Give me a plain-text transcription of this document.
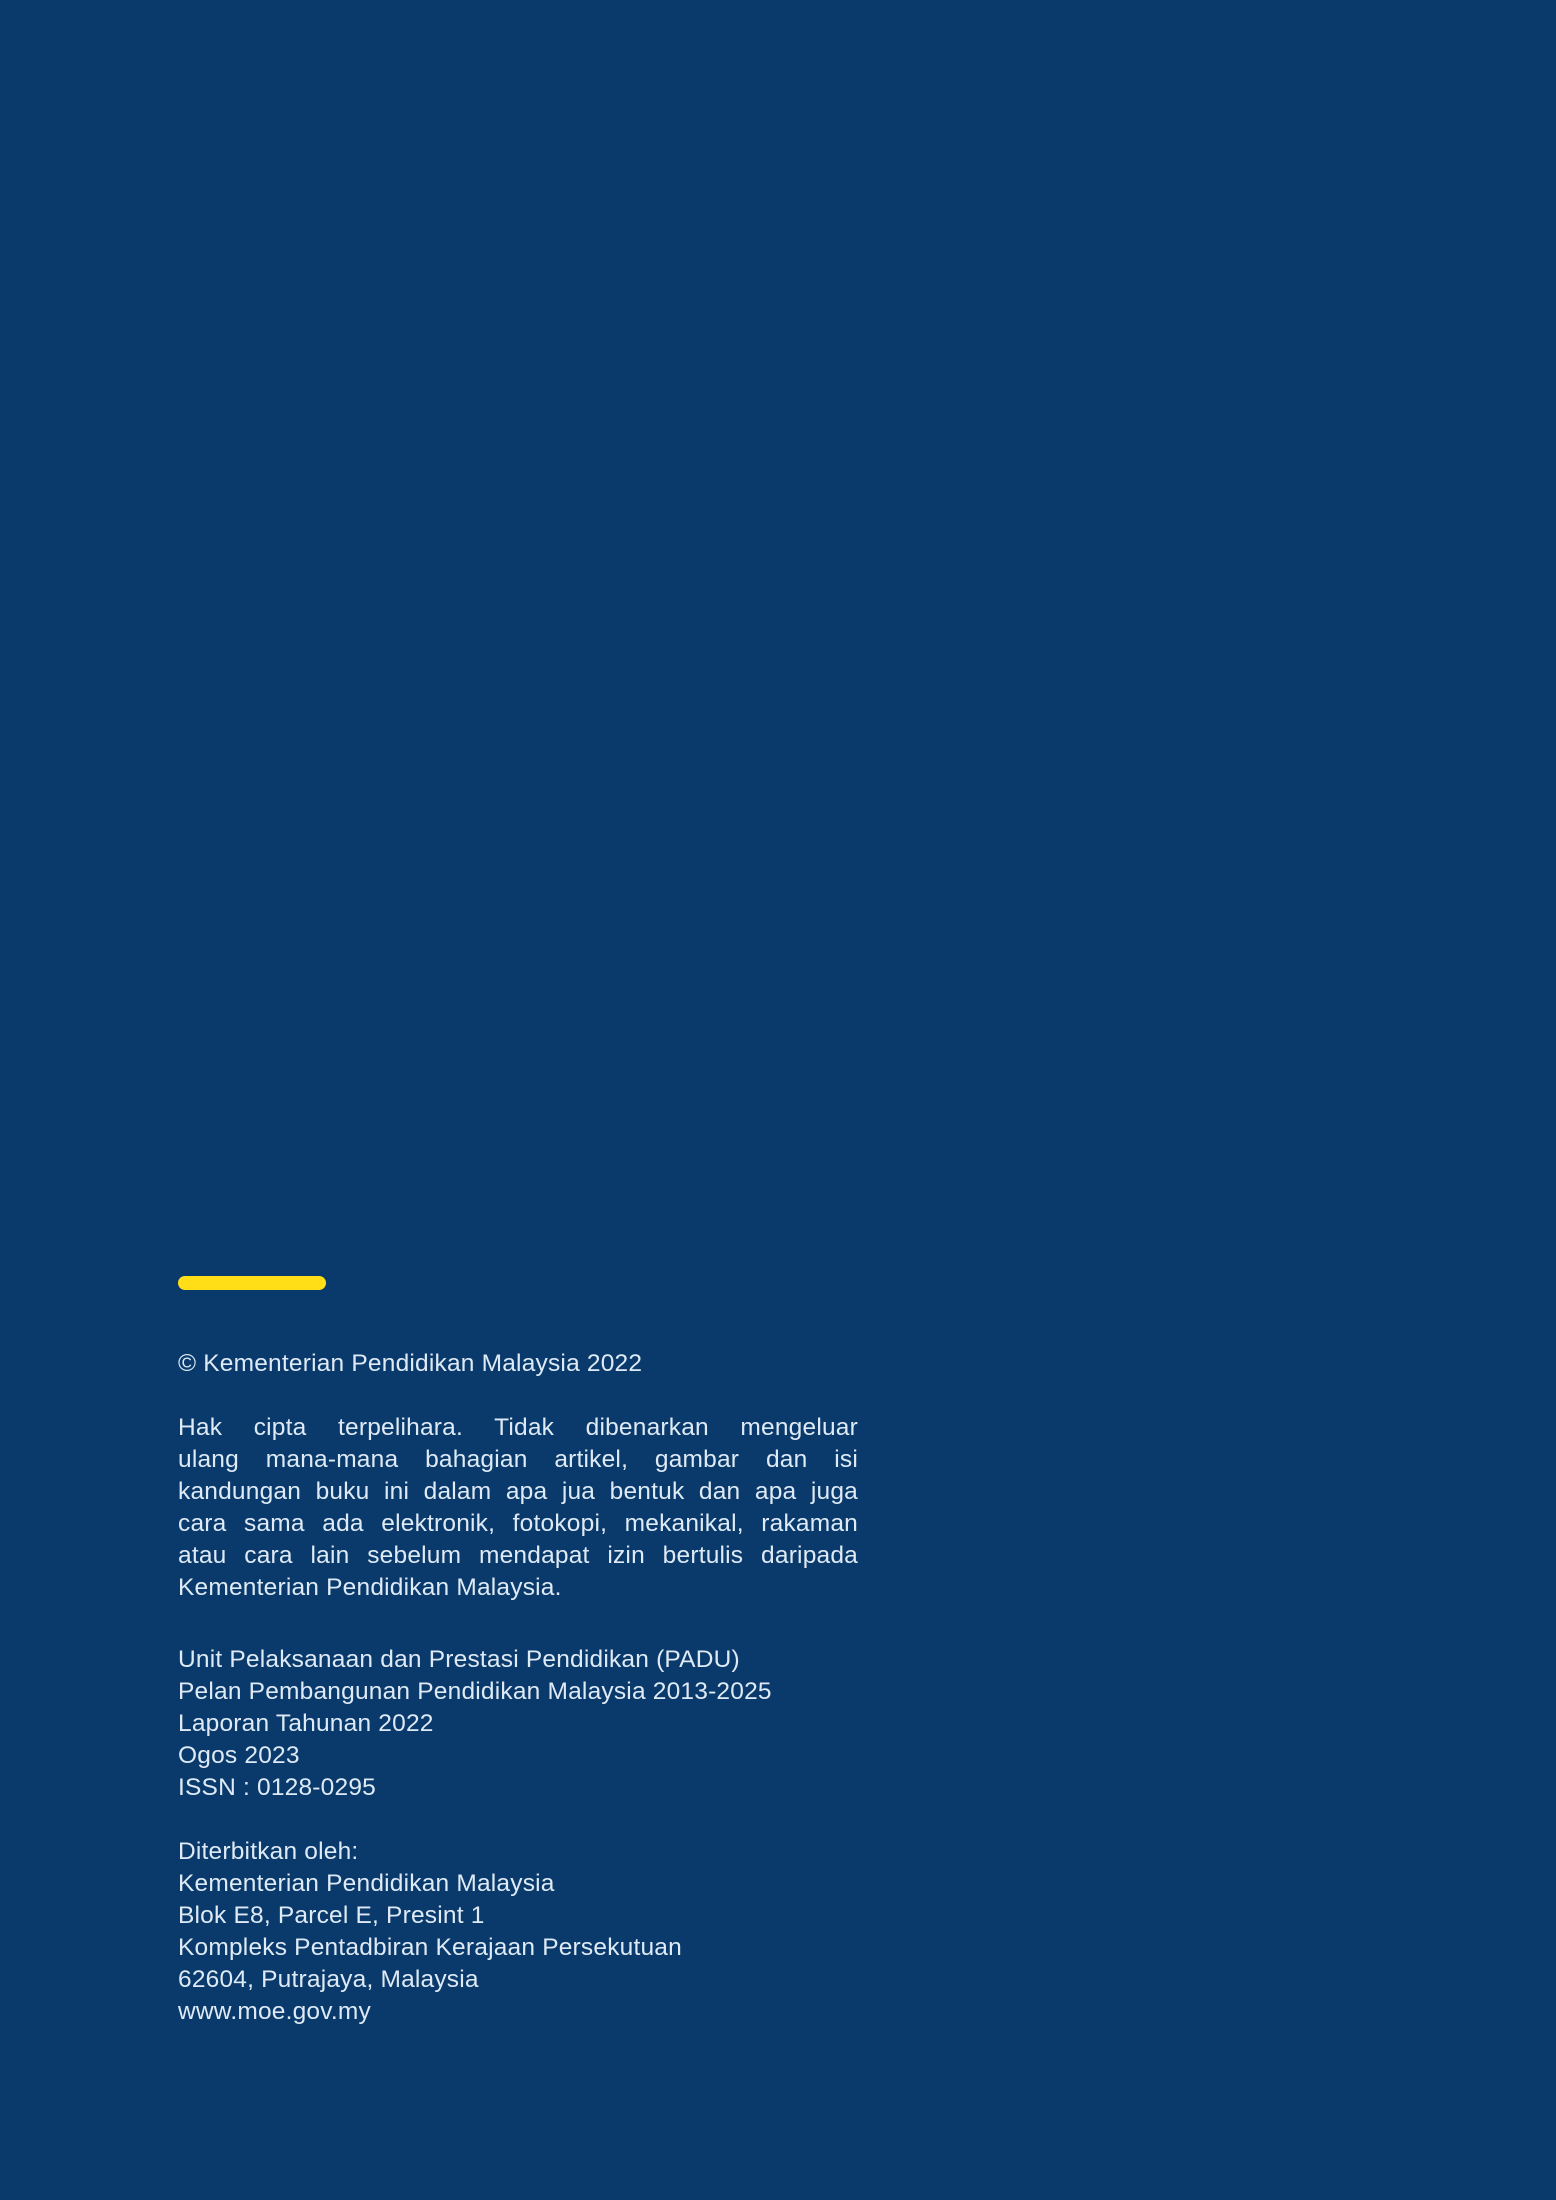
© Kementerian Pendidikan Malaysia 2022
Hak cipta terpelihara. Tidak dibenarkan mengeluar
ulang mana-mana bahagian artikel, gambar dan isi
kandungan buku ini dalam apa jua bentuk dan apa juga
cara sama ada elektronik, fotokopi, mekanikal, rakaman
atau cara lain sebelum mendapat izin bertulis daripada
Kementerian Pendidikan Malaysia.
Unit Pelaksanaan dan Prestasi Pendidikan (PADU)
Pelan Pembangunan Pendidikan Malaysia 2013-2025
Laporan Tahunan 2022
Ogos 2023
ISSN : 0128-0295
Diterbitkan oleh:
Kementerian Pendidikan Malaysia
Blok E8, Parcel E, Presint 1
Kompleks Pentadbiran Kerajaan Persekutuan
62604, Putrajaya, Malaysia
www.moe.gov.my
